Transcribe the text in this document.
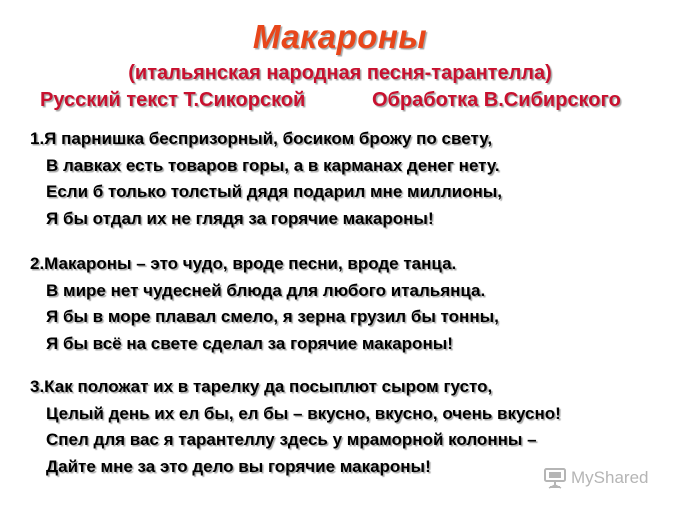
Макароны
(итальянская народная песня-тарантелла)
Русский текст Т.Сикорской	Обработка В.Сибирского
1.Я парнишка беспризорный, босиком брожу по свету,
В лавках есть товаров горы, а в карманах денег нету.
Если б только толстый дядя подарил мне миллионы,
Я бы отдал их не глядя за горячие макароны!
2.Макароны – это чудо, вроде песни, вроде танца.
В мире нет чудесней блюда для любого итальянца.
Я бы в море плавал смело, я зерна грузил бы тонны,
Я бы всё на свете сделал за горячие макароны!
3.Как положат их в тарелку да посыплют сыром густо,
Целый день их ел бы, ел бы – вкусно, вкусно, очень вкусно!
Спел для вас я тарантеллу здесь у мраморной колонны –
Дайте мне за это дело вы горячие макароны!
MyShared
